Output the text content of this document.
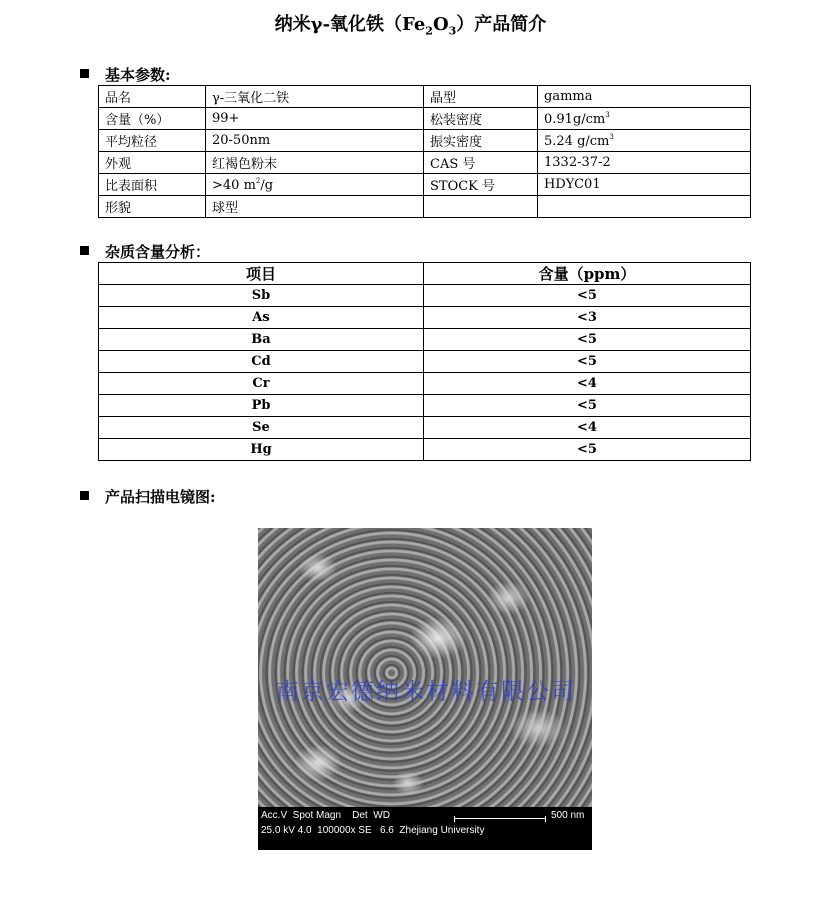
纳米γ-氧化铁$(Fe_2O_3)$产品简介
基本参数:
品名	γ-三氧化二铁	晶型	gamma
含量（%）	99+	松装密度	$0.91g/cm^3$
平均粒径	20-50nm	振实密度	5.24 $g/cm^3$
外观	红褐色粉末	CAS 号	1332-37-2
比表面积	>40 $m^2/g$	STOCK 号	HDYC01
形貌	球型		
杂质含量分析：
项目	含量（ppm）
Sb	<5
As	<3
Ba	<5
Cd	<5
Cr	<4
Pb	<5
Se	<4
Hg	<5
产品扫描电镜图:
南京宏德纳米材料有限公司
Acc.V  Spot Magn    Det  WD	500 nm
25.0 kV 4.0  100000x SE   6.6  Zhejiang University
